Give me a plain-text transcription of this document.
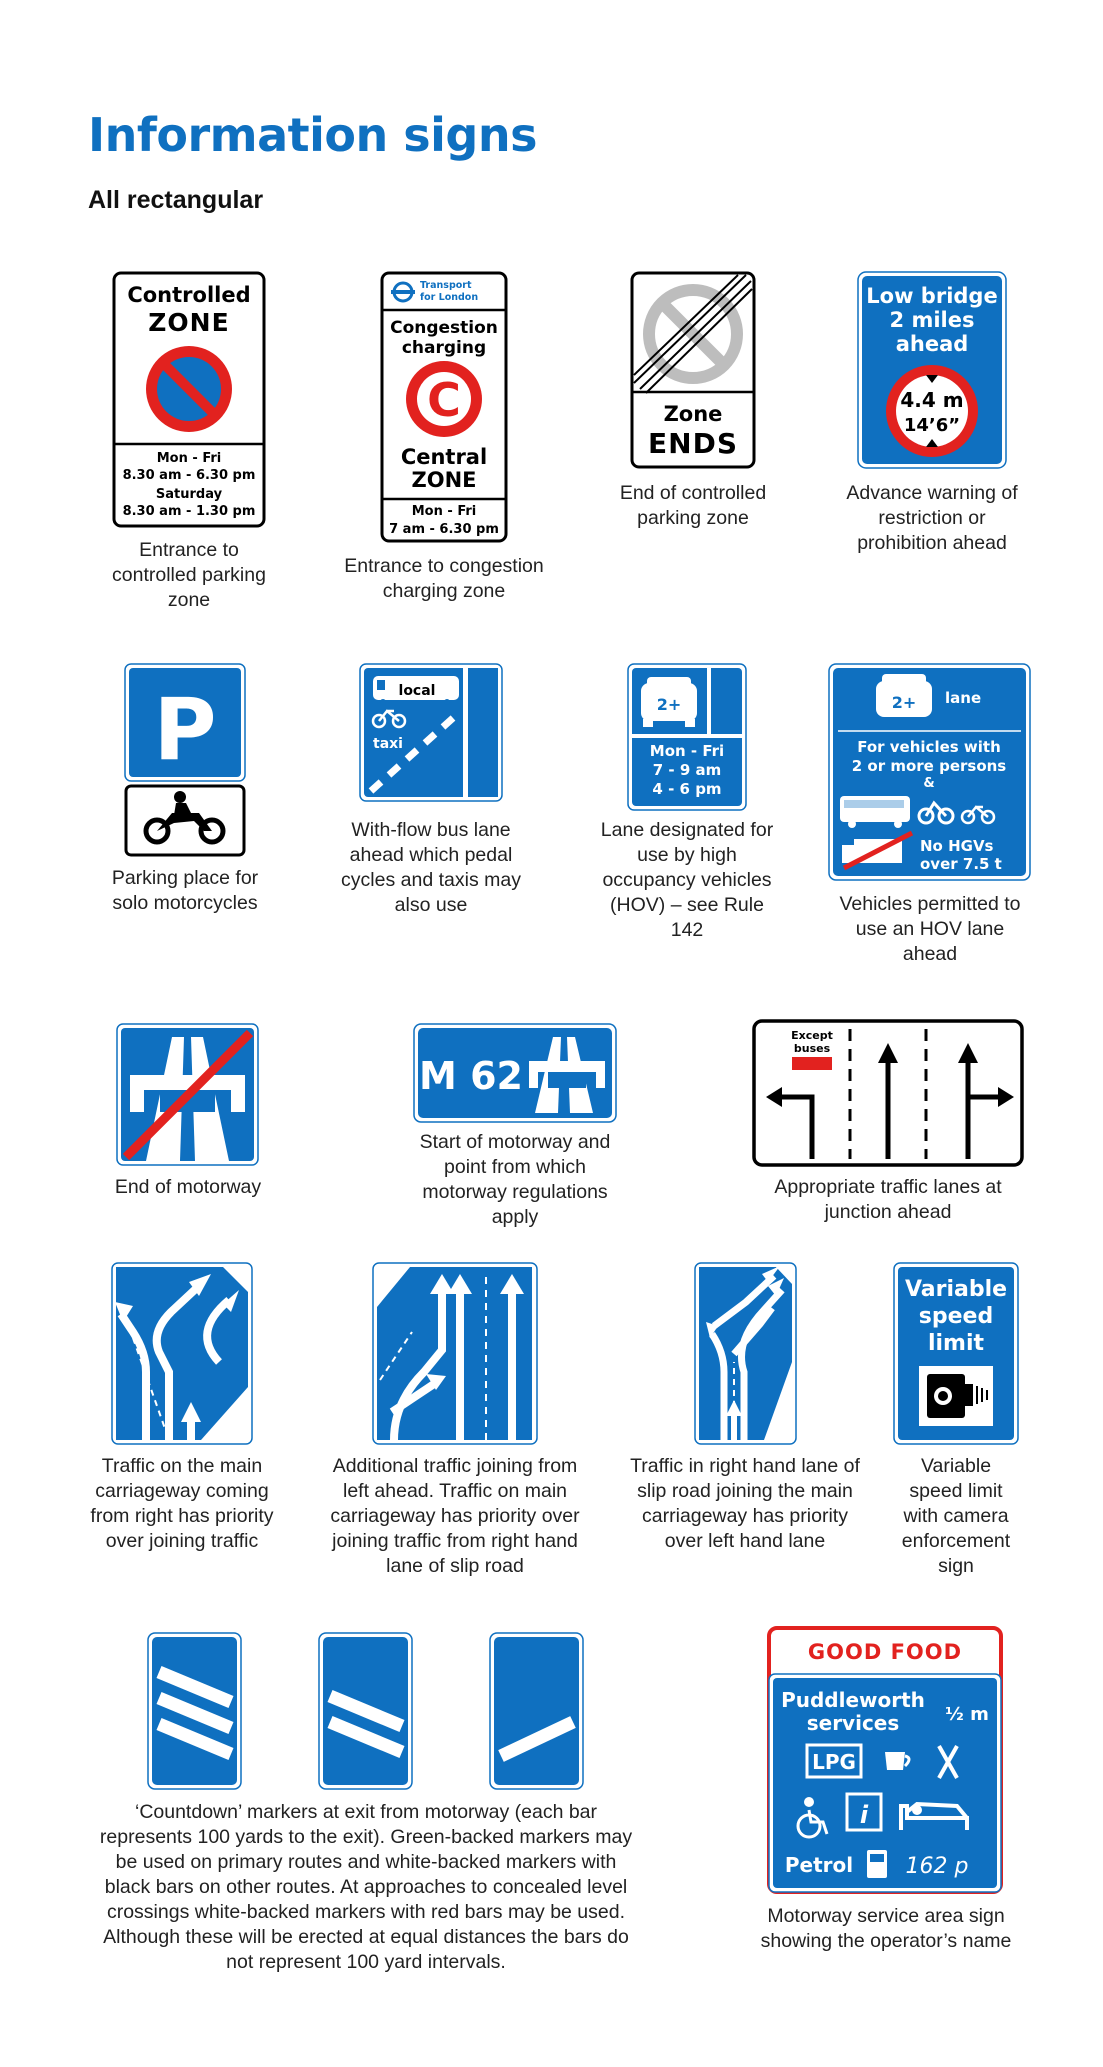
Information signs
All rectangular
Controlled
ZONE
Mon - Fri
8.30 am - 6.30 pm
Saturday
8.30 am - 1.30 pm
Entrance to controlled parking zone
Transport
for London
Congestion
charging
C
Central
ZONE
Mon - Fri
7 am - 6.30 pm
Entrance to congestion charging zone
Zone
ENDS
End of controlled parking zone
Low bridge
2 miles
ahead
4.4 m
14’6”
Advance warning of restriction or prohibition ahead
P
Parking place for solo motorcycles
local
taxi
With-flow bus lane ahead which pedal cycles and taxis may also use
2+
Mon - Fri
7 - 9 am
4 - 6 pm
Lane designated for use by high occupancy vehicles (HOV) – see Rule 142
2+ lane
For vehicles with
2 or more persons
&
No HGVs
over 7.5 t
Vehicles permitted to use an HOV lane ahead
End of motorway
M 62
Start of motorway and point from which motorway regulations apply
Except
buses
Appropriate traffic lanes at junction ahead
Traffic on the main carriageway coming from right has priority over joining traffic
Additional traffic joining from left ahead. Traffic on main carriageway has priority over joining traffic from right hand lane of slip road
Traffic in right hand lane of slip road joining the main carriageway has priority over left hand lane
Variable
speed
limit
Variable speed limit with camera enforcement sign
‘Countdown’ markers at exit from motorway (each bar represents 100 yards to the exit). Green-backed markers may be used on primary routes and white-backed markers with black bars on other routes. At approaches to concealed level crossings white-backed markers with red bars may be used. Although these will be erected at equal distances the bars do not represent 100 yard intervals.
GOOD FOOD
Puddleworth
services	½ m
LPG
i
Petrol 162 p
Motorway service area sign showing the operator’s name
